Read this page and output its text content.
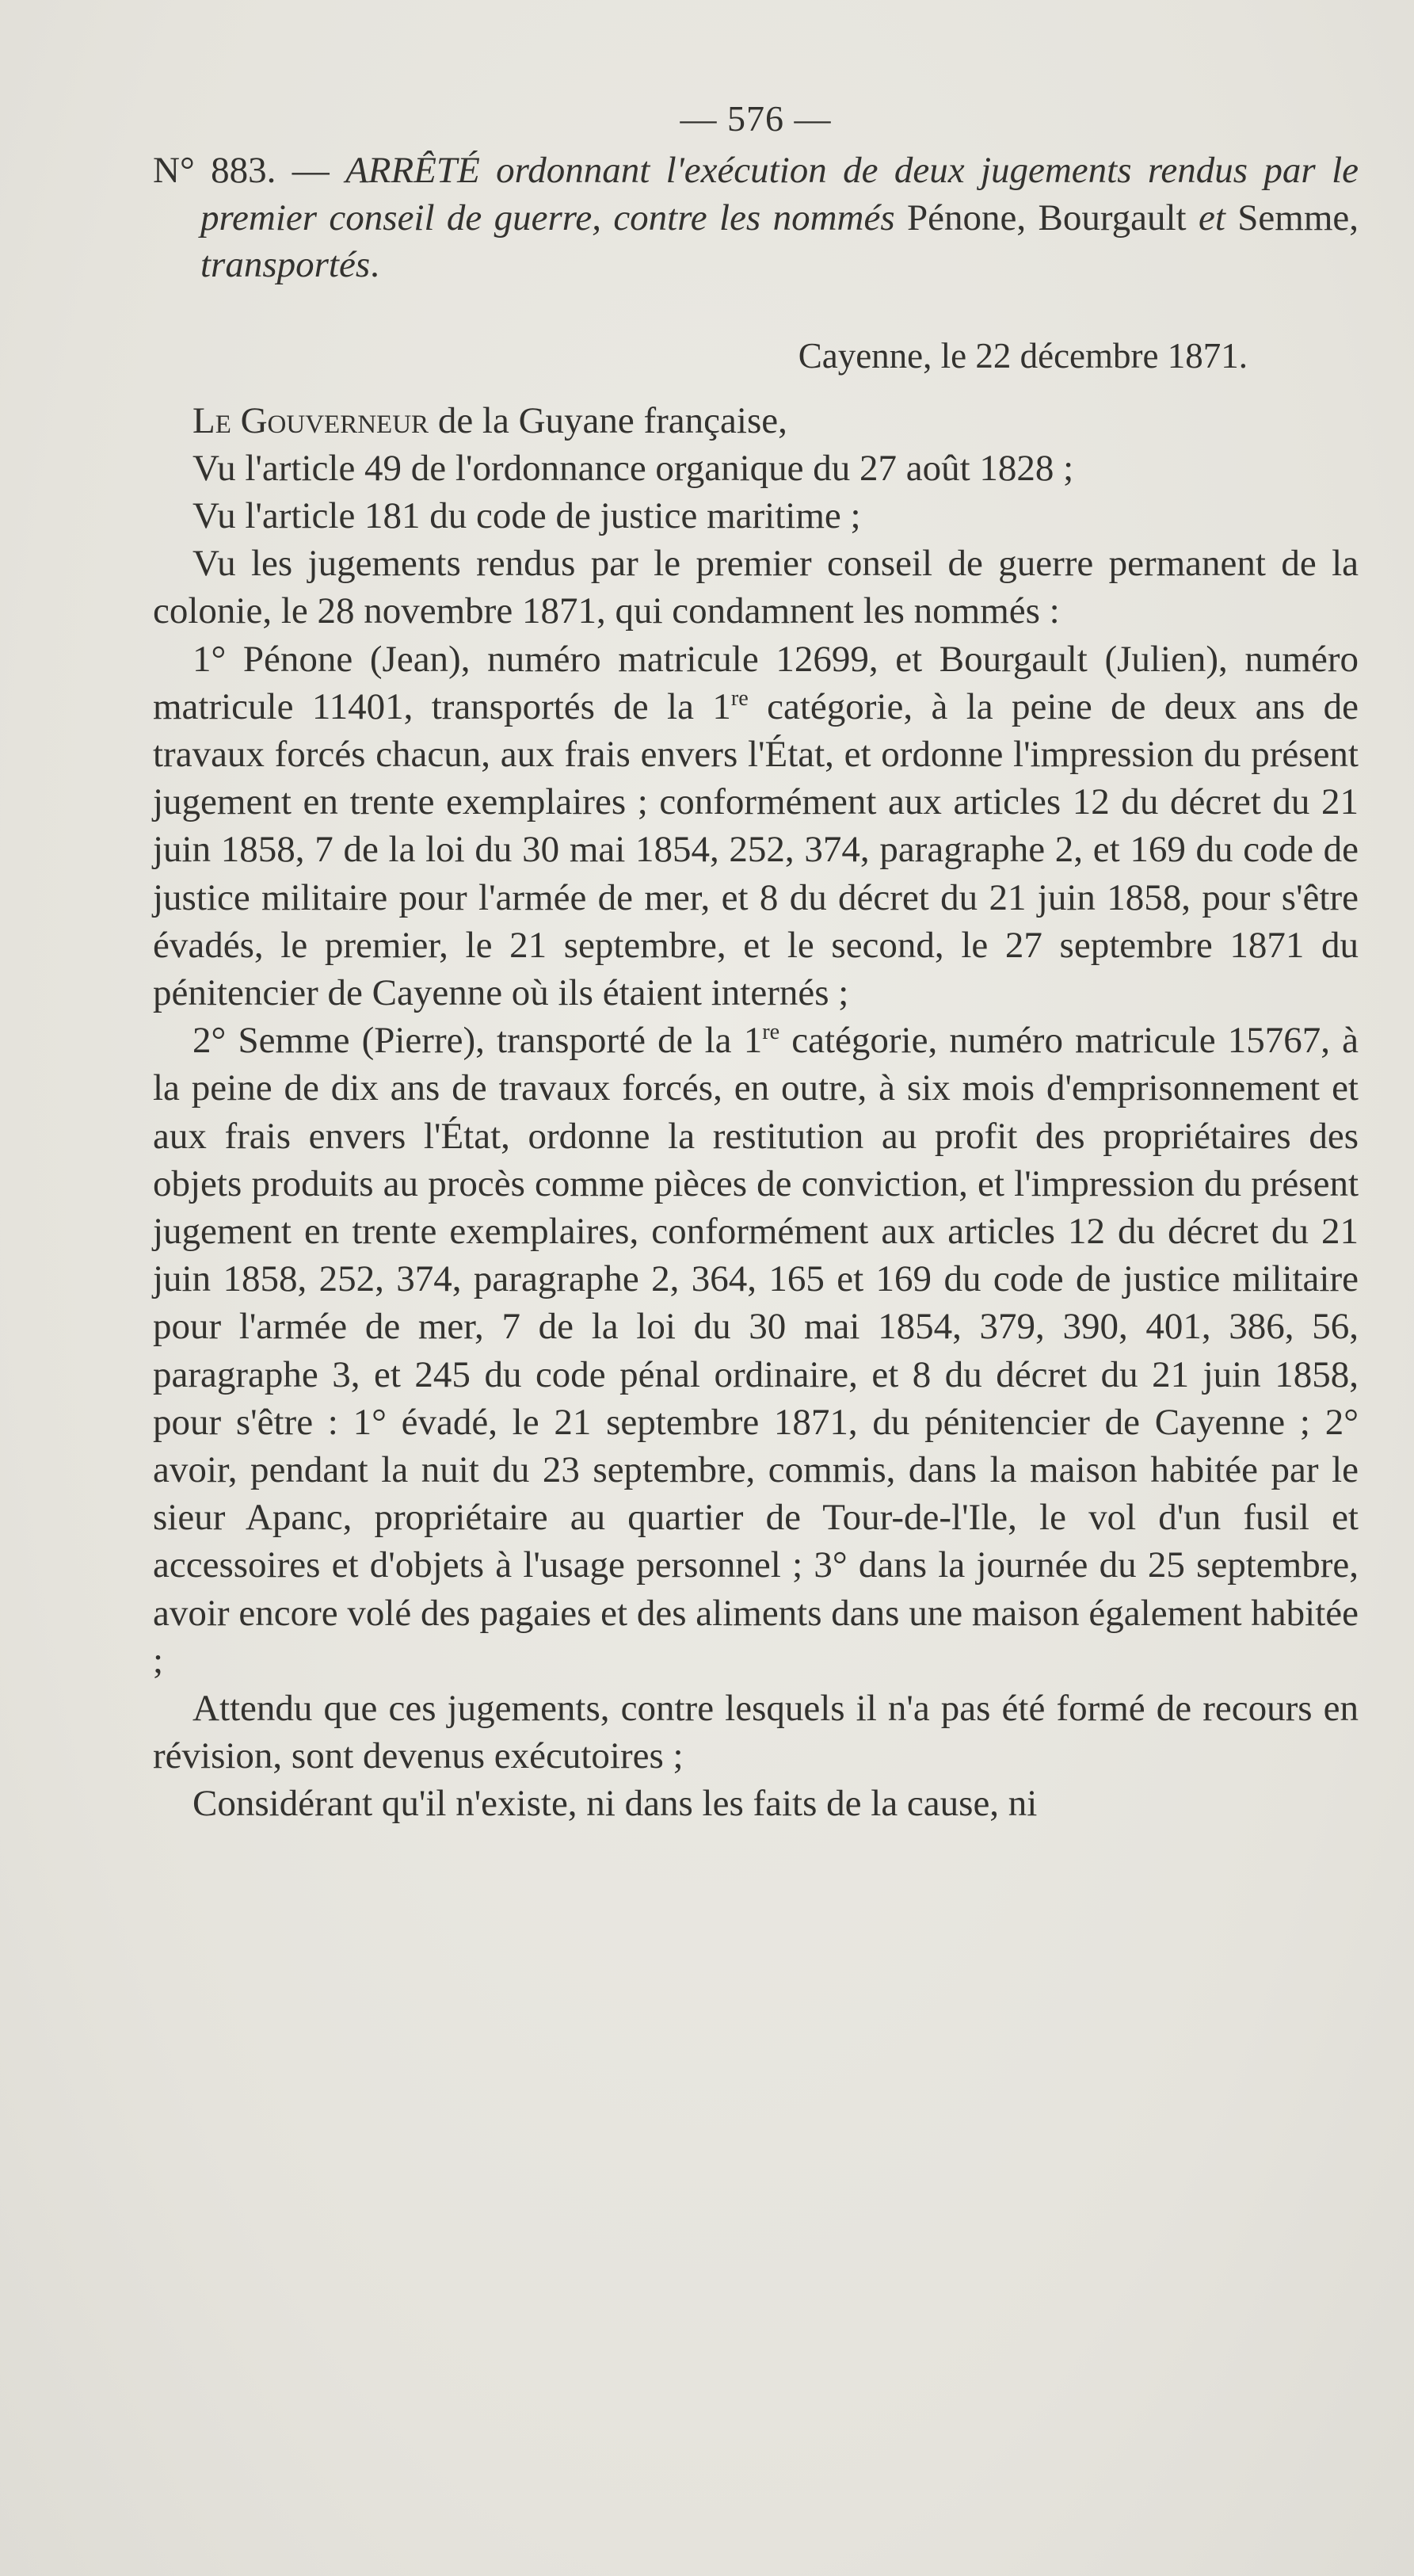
— 576 —

N° 883. — ARRÊTÉ ordonnant l'exécution de deux jugements rendus par le premier conseil de guerre, contre les nommés Pénone, Bourgault et Semme, transportés.

Cayenne, le 22 décembre 1871.

Le Gouverneur de la Guyane française,

Vu l'article 49 de l'ordonnance organique du 27 août 1828 ;

Vu l'article 181 du code de justice maritime ;

Vu les jugements rendus par le premier conseil de guerre permanent de la colonie, le 28 novembre 1871, qui condamnent les nommés :

1° Pénone (Jean), numéro matricule 12699, et Bourgault (Julien), numéro matricule 11401, transportés de la 1re catégorie, à la peine de deux ans de travaux forcés chacun, aux frais envers l'État, et ordonne l'impression du présent jugement en trente exemplaires ; conformément aux articles 12 du décret du 21 juin 1858, 7 de la loi du 30 mai 1854, 252, 374, paragraphe 2, et 169 du code de justice militaire pour l'armée de mer, et 8 du décret du 21 juin 1858, pour s'être évadés, le premier, le 21 septembre, et le second, le 27 septembre 1871 du pénitencier de Cayenne où ils étaient internés ;

2° Semme (Pierre), transporté de la 1re catégorie, numéro matricule 15767, à la peine de dix ans de travaux forcés, en outre, à six mois d'emprisonnement et aux frais envers l'État, ordonne la restitution au profit des propriétaires des objets produits au procès comme pièces de conviction, et l'impression du présent jugement en trente exemplaires, conformément aux articles 12 du décret du 21 juin 1858, 252, 374, paragraphe 2, 364, 165 et 169 du code de justice militaire pour l'armée de mer, 7 de la loi du 30 mai 1854, 379, 390, 401, 386, 56, paragraphe 3, et 245 du code pénal ordinaire, et 8 du décret du 21 juin 1858, pour s'être : 1° évadé, le 21 septembre 1871, du pénitencier de Cayenne ; 2° avoir, pendant la nuit du 23 septembre, commis, dans la maison habitée par le sieur Apanc, propriétaire au quartier de Tour-de-l'Ile, le vol d'un fusil et accessoires et d'objets à l'usage personnel ; 3° dans la journée du 25 septembre, avoir encore volé des pagaies et des aliments dans une maison également habitée ;

Attendu que ces jugements, contre lesquels il n'a pas été formé de recours en révision, sont devenus exécutoires ;

Considérant qu'il n'existe, ni dans les faits de la cause, ni
